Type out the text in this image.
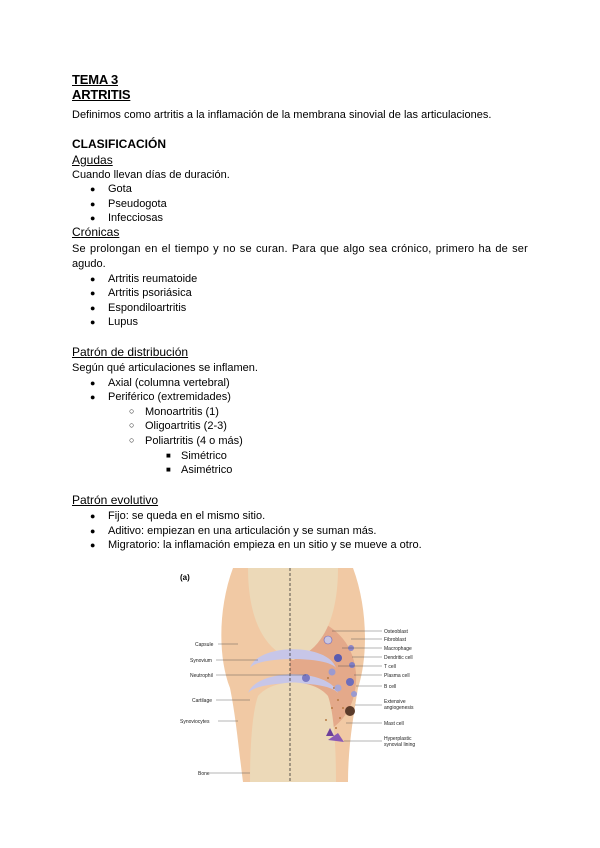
TEMA 3
ARTRITIS
Definimos como artritis a la inflamación de la membrana sinovial de las articulaciones.
CLASIFICACIÓN
Agudas
Cuando llevan días de duración.
● Gota
● Pseudogota
● Infecciosas
Crónicas
Se prolongan en el tiempo y no se curan. Para que algo sea crónico, primero ha de ser
agudo.
● Artritis reumatoide
● Artritis psoriásica
● Espondiloartritis
● Lupus
Patrón de distribución
Según qué articulaciones se inflamen.
● Axial (columna vertebral)
● Periférico (extremidades)
○ Monoartritis (1)
○ Oligoartritis (2-3)
○ Poliartritis (4 o más)
■ Simétrico
■ Asimétrico
Patrón evolutivo
● Fijo: se queda en el mismo sitio.
● Aditivo: empiezan en una articulación y se suman más.
● Migratorio: la inflamación empieza en un sitio y se mueve a otro.
(a)
Capsule
Synovium
Neutrophil
Cartilage
Synoviocytes
Bone
Osteoblast
Fibroblast
Macrophage
Dendritic cell
T cell
Plasma cell
B cell
Extensive
angiogenesis
Mast cell
Hyperplastic
synovial lining
